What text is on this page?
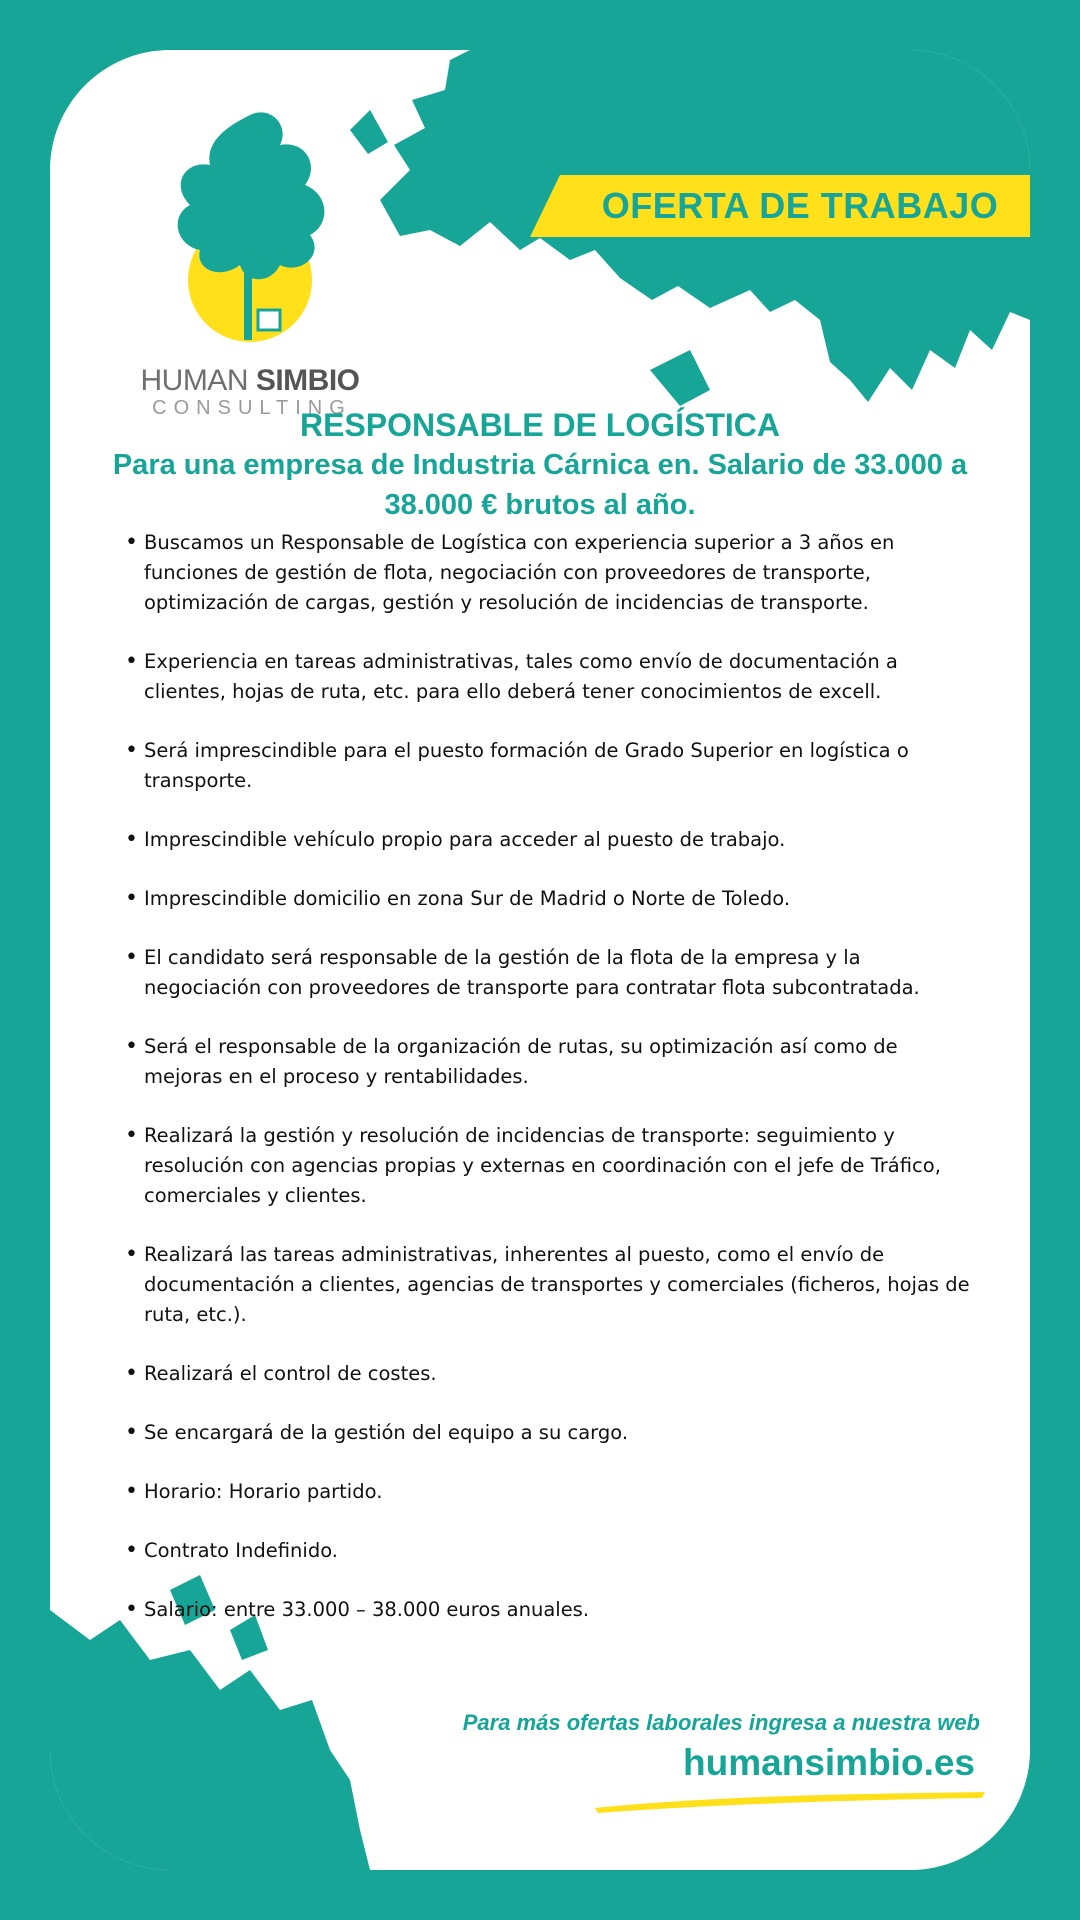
HUMAN SIMBIO
CONSULTING
OFERTA DE TRABAJO
RESPONSABLE DE LOGÍSTICA
Para una empresa de Industria Cárnica en. Salario de 33.000 a 38.000 € brutos al año.
• Buscamos un Responsable de Logística con experiencia superior a 3 años en funciones de gestión de flota, negociación con proveedores de transporte, optimización de cargas, gestión y resolución de incidencias de transporte.
• Experiencia en tareas administrativas, tales como envío de documentación a clientes, hojas de ruta, etc. para ello deberá tener conocimientos de excell.
• Será imprescindible para el puesto formación de Grado Superior en logística o transporte.
• Imprescindible vehículo propio para acceder al puesto de trabajo.
• Imprescindible domicilio en zona Sur de Madrid o Norte de Toledo.
• El candidato será responsable de la gestión de la flota de la empresa y la negociación con proveedores de transporte para contratar flota subcontratada.
• Será el responsable de la organización de rutas, su optimización así como de mejoras en el proceso y rentabilidades.
• Realizará la gestión y resolución de incidencias de transporte: seguimiento y resolución con agencias propias y externas en coordinación con el jefe de Tráfico, comerciales y clientes.
• Realizará las tareas administrativas, inherentes al puesto, como el envío de documentación a clientes, agencias de transportes y comerciales (ficheros, hojas de ruta, etc.).
• Realizará el control de costes.
• Se encargará de la gestión del equipo a su cargo.
• Horario: Horario partido.
• Contrato Indefinido.
• Salario: entre 33.000 – 38.000 euros anuales.
Para más ofertas laborales ingresa a nuestra web
humansimbio.es
